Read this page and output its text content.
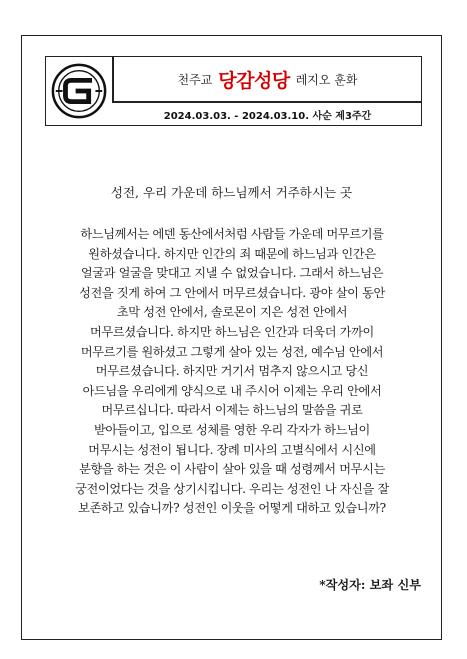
천주교 당감성당 레지오 훈화
2024.03.03. - 2024.03.10. 사순 제3주간
성전, 우리 가운데 하느님께서 거주하시는 곳
하느님께서는 에덴 동산에서처럼 사람들 가운데 머무르기를
원하셨습니다. 하지만 인간의 죄 때문에 하느님과 인간은
얼굴과 얼굴을 맞대고 지낼 수 없었습니다. 그래서 하느님은
성전을 짓게 하여 그 안에서 머무르셨습니다. 광야 살이 동안
초막 성전 안에서, 솔로몬이 지은 성전 안에서
머무르셨습니다. 하지만 하느님은 인간과 더욱더 가까이
머무르기를 원하셨고 그렇게 살아 있는 성전, 예수님 안에서
머무르셨습니다. 하지만 거기서 멈추지 않으시고 당신
아드님을 우리에게 양식으로 내 주시어 이제는 우리 안에서
머무르십니다. 따라서 이제는 하느님의 말씀을 귀로
받아들이고, 입으로 성체를 영한 우리 각자가 하느님이
머무시는 성전이 됩니다. 장례 미사의 고별식에서 시신에
분향을 하는 것은 이 사람이 살아 있을 때 성령께서 머무시는
궁전이었다는 것을 상기시킵니다. 우리는 성전인 나 자신을 잘
보존하고 있습니까? 성전인 이웃을 어떻게 대하고 있습니까?
*작성자: 보좌 신부
